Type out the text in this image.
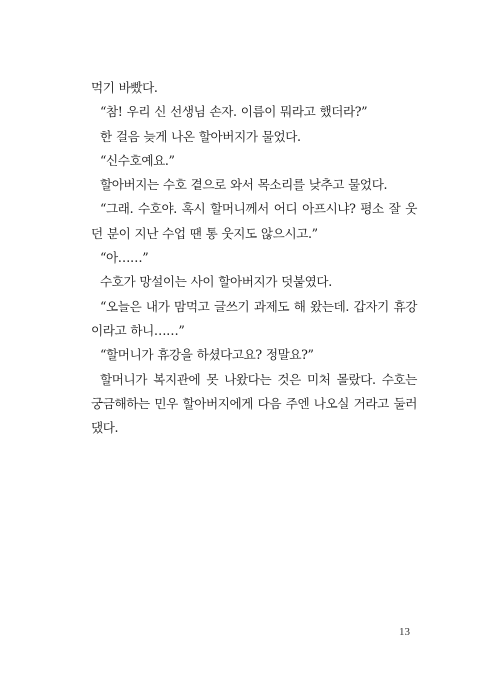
먹기 바빴다.
“참! 우리 신 선생님 손자. 이름이 뭐라고 했더라?”
한 걸음 늦게 나온 할아버지가 물었다.
“신수호예요.”
할아버지는 수호 곁으로 와서 목소리를 낮추고 물었다.
“그래. 수호야. 혹시 할머니께서 어디 아프시냐? 평소 잘 웃
던 분이 지난 수업 땐 통 웃지도 않으시고.”
“아……”
수호가 망설이는 사이 할아버지가 덧붙였다.
“오늘은 내가 맘먹고 글쓰기 과제도 해 왔는데. 갑자기 휴강
이라고 하니……”
“할머니가 휴강을 하셨다고요? 정말요?”
할머니가 복지관에 못 나왔다는 것은 미처 몰랐다. 수호는
궁금해하는 민우 할아버지에게 다음 주엔 나오실 거라고 둘러
댔다.
13
